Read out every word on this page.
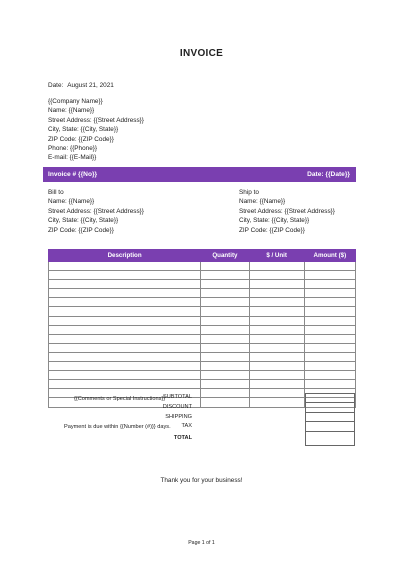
INVOICE
Date: August 21, 2021
{{Company Name}}
Name: {{Name}}
Street Address: {{Street Address}}
City, State: {{City, State}}
ZIP Code: {{ZIP Code}}
Phone: {{Phone}}
E-mail: {{E-Mail}}
Invoice # {{No}}	Date: {{Date}}
Bill to
Name: {{Name}}
Street Address: {{Street Address}}
City, State: {{City, State}}
ZIP Code: {{ZIP Code}}
Ship to
Name: {{Name}}
Street Address: {{Street Address}}
City, State: {{City, State}}
ZIP Code: {{ZIP Code}}
Description	Quantity	$ / Unit	Amount ($)

{{Comments or Special Instructions}}
Payment is due within {{Number (#)}} days.
SUBTOTAL
DISCOUNT
SHIPPING
TAX
TOTAL
Thank you for your business!
Page 1 of 1
